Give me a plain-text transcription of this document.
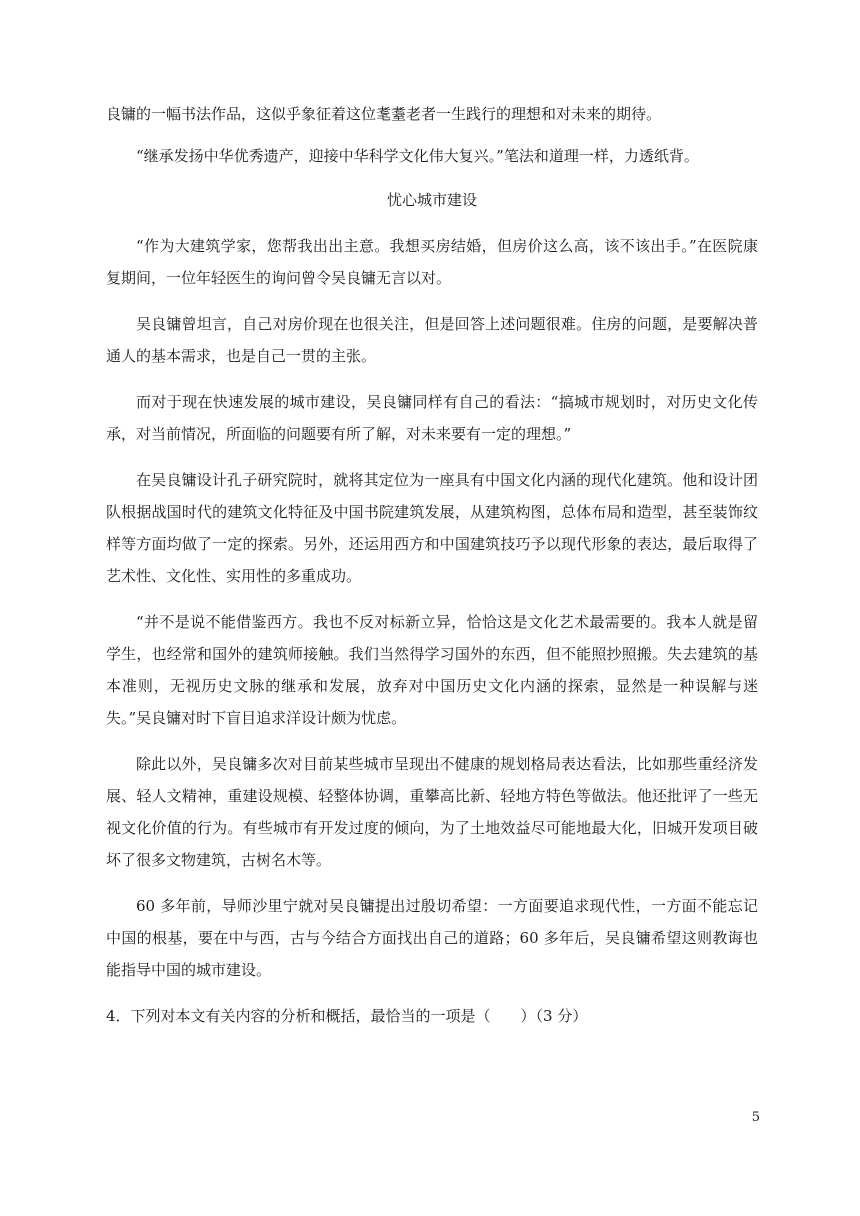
良镛的一幅书法作品，这似乎象征着这位耄耋老者一生践行的理想和对未来的期待。

“继承发扬中华优秀遗产，迎接中华科学文化伟大复兴。”笔法和道理一样，力透纸背。

忧心城市建设

“作为大建筑学家，您帮我出出主意。我想买房结婚，但房价这么高，该不该出手。”在医院康复期间，一位年轻医生的询问曾令吴良镛无言以对。

吴良镛曾坦言，自己对房价现在也很关注，但是回答上述问题很难。住房的问题，是要解决普通人的基本需求，也是自己一贯的主张。

而对于现在快速发展的城市建设，吴良镛同样有自己的看法：“搞城市规划时，对历史文化传承，对当前情况，所面临的问题要有所了解，对未来要有一定的理想。”

在吴良镛设计孔子研究院时，就将其定位为一座具有中国文化内涵的现代化建筑。他和设计团队根据战国时代的建筑文化特征及中国书院建筑发展，从建筑构图，总体布局和造型，甚至装饰纹样等方面均做了一定的探索。另外，还运用西方和中国建筑技巧予以现代形象的表达，最后取得了艺术性、文化性、实用性的多重成功。

“并不是说不能借鉴西方。我也不反对标新立异，恰恰这是文化艺术最需要的。我本人就是留学生，也经常和国外的建筑师接触。我们当然得学习国外的东西，但不能照抄照搬。失去建筑的基本准则，无视历史文脉的继承和发展，放弃对中国历史文化内涵的探索，显然是一种误解与迷失。”吴良镛对时下盲目追求洋设计颇为忧虑。

除此以外，吴良镛多次对目前某些城市呈现出不健康的规划格局表达看法，比如那些重经济发展、轻人文精神，重建设规模、轻整体协调，重攀高比新、轻地方特色等做法。他还批评了一些无视文化价值的行为。有些城市有开发过度的倾向，为了土地效益尽可能地最大化，旧城开发项目破坏了很多文物建筑，古树名木等。

60 多年前，导师沙里宁就对吴良镛提出过殷切希望：一方面要追求现代性，一方面不能忘记中国的根基，要在中与西，古与今结合方面找出自己的道路；60 多年后，吴良镛希望这则教诲也能指导中国的城市建设。

4．下列对本文有关内容的分析和概括，最恰当的一项是（　　）（3 分）

5
